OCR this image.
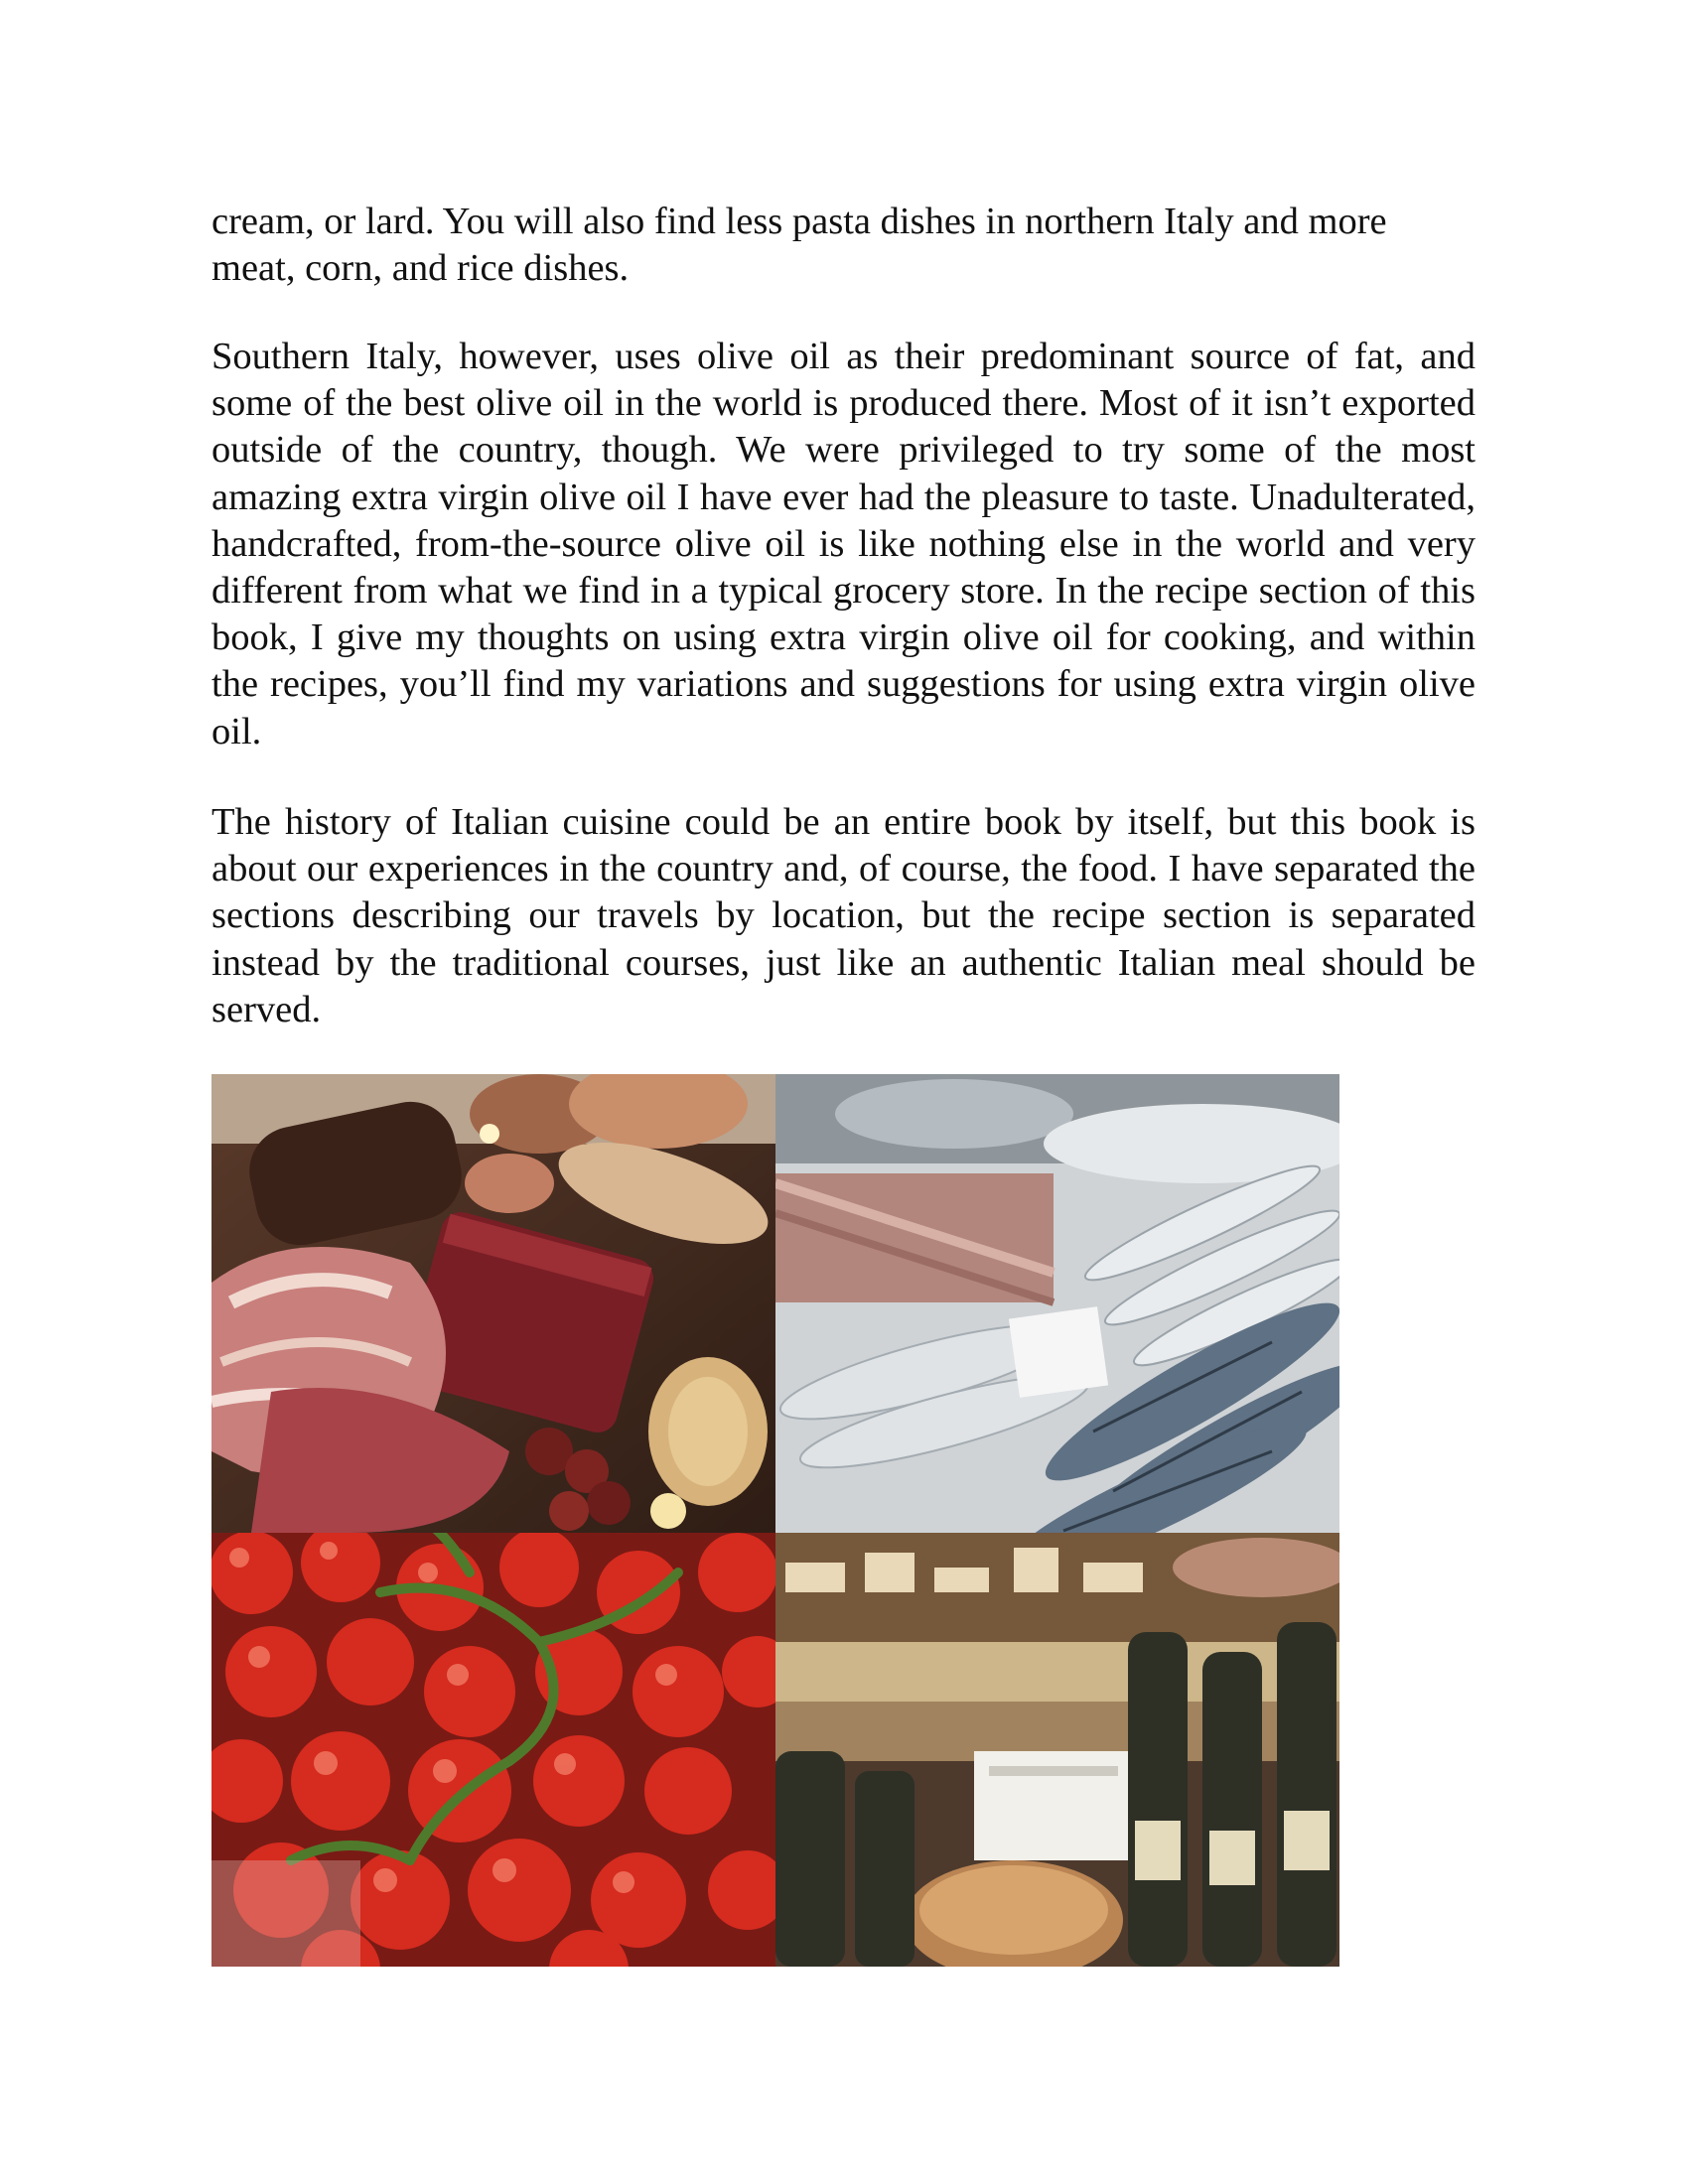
cream, or lard. You will also find less pasta dishes in northern Italy and more meat, corn, and rice dishes.

Southern Italy, however, uses olive oil as their predominant source of fat, and some of the best olive oil in the world is produced there. Most of it isn’t exported outside of the country, though. We were privileged to try some of the most amazing extra virgin olive oil I have ever had the pleasure to taste. Unadulterated, handcrafted, from-the-source olive oil is like nothing else in the world and very different from what we find in a typical grocery store. In the recipe section of this book, I give my thoughts on using extra virgin olive oil for cooking, and within the recipes, you’ll find my variations and suggestions for using extra virgin olive oil.

The history of Italian cuisine could be an entire book by itself, but this book is about our experiences in the country and, of course, the food. I have separated the sections describing our travels by location, but the recipe section is separated instead by the traditional courses, just like an authentic Italian meal should be served.
